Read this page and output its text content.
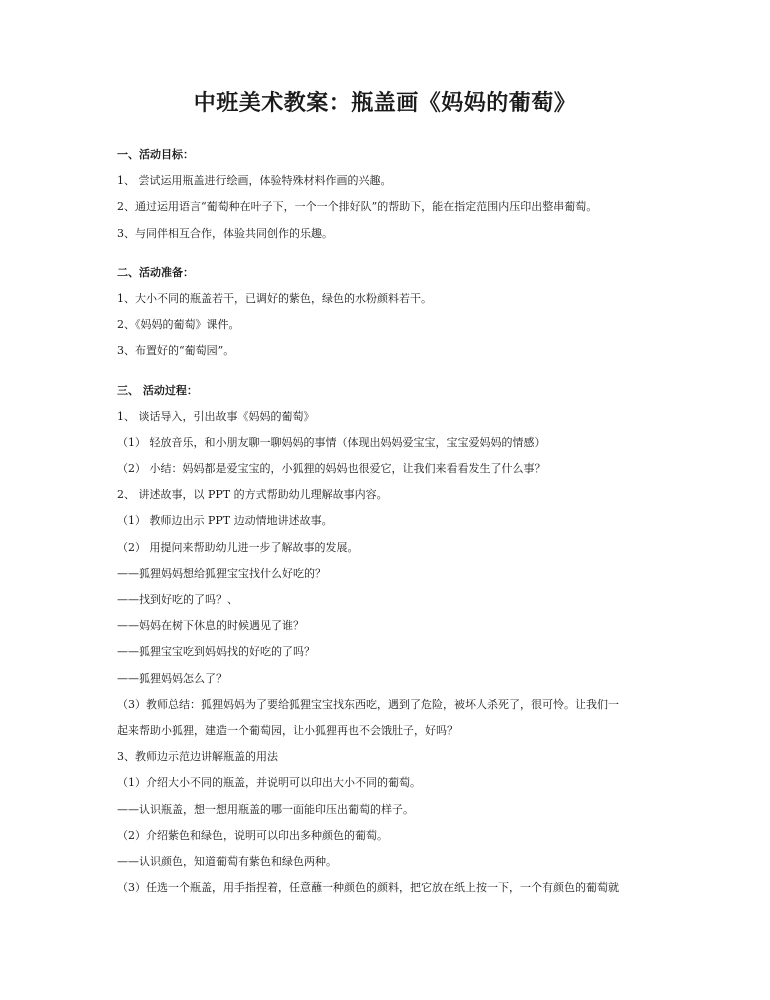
中班美术教案：瓶盖画《妈妈的葡萄》
一、活动目标：
1、 尝试运用瓶盖进行绘画，体验特殊材料作画的兴趣。
2、通过运用语言“葡萄种在叶子下，一个一个排好队”的帮助下，能在指定范围内压印出整串葡萄。
3、与同伴相互合作，体验共同创作的乐趣。
二、活动准备：
1、大小不同的瓶盖若干，已调好的紫色，绿色的水粉颜料若干。
2、《妈妈的葡萄》课件。
3、布置好的“葡萄园”。
三、 活动过程：
1、 谈话导入，引出故事《妈妈的葡萄》
（1） 轻放音乐，和小朋友聊一聊妈妈的事情（体现出妈妈爱宝宝，宝宝爱妈妈的情感）
（2） 小结：妈妈都是爱宝宝的，小狐狸的妈妈也很爱它，让我们来看看发生了什么事？
2、 讲述故事，以 PPT 的方式帮助幼儿理解故事内容。
（1） 教师边出示 PPT 边动情地讲述故事。
（2） 用提问来帮助幼儿进一步了解故事的发展。
——狐狸妈妈想给狐狸宝宝找什么好吃的？
——找到好吃的了吗？、
——妈妈在树下休息的时候遇见了谁？
——狐狸宝宝吃到妈妈找的好吃的了吗？
——狐狸妈妈怎么了？
（3）教师总结：狐狸妈妈为了要给狐狸宝宝找东西吃，遇到了危险，被坏人杀死了，很可怜。让我们一
起来帮助小狐狸，建造一个葡萄园，让小狐狸再也不会饿肚子，好吗？
3、教师边示范边讲解瓶盖的用法
（1）介绍大小不同的瓶盖，并说明可以印出大小不同的葡萄。
——认识瓶盖，想一想用瓶盖的哪一面能印压出葡萄的样子。
（2）介绍紫色和绿色，说明可以印出多种颜色的葡萄。
——认识颜色，知道葡萄有紫色和绿色两种。
（3）任选一个瓶盖，用手指捏着，任意蘸一种颜色的颜料，把它放在纸上按一下，一个有颜色的葡萄就
